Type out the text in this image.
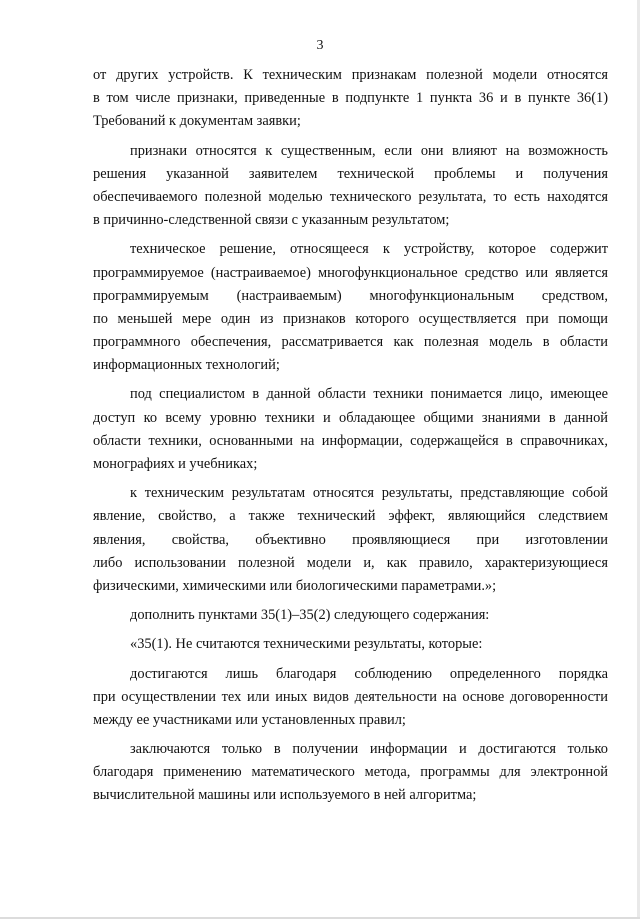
3
от других устройств. К техническим признакам полезной модели относятся
в том числе признаки, приведенные в подпункте 1 пункта 36 и в пункте 36(1)
Требований к документам заявки;
признаки относятся к существенным, если они влияют на возможность
решения указанной заявителем технической проблемы и получения
обеспечиваемого полезной моделью технического результата, то есть находятся
в причинно-следственной связи с указанным результатом;
техническое решение, относящееся к устройству, которое содержит
программируемое (настраиваемое) многофункциональное средство или является
программируемым (настраиваемым) многофункциональным средством,
по меньшей мере один из признаков которого осуществляется при помощи
программного обеспечения, рассматривается как полезная модель в области
информационных технологий;
под специалистом в данной области техники понимается лицо, имеющее
доступ ко всему уровню техники и обладающее общими знаниями в данной
области техники, основанными на информации, содержащейся в справочниках,
монографиях и учебниках;
к техническим результатам относятся результаты, представляющие собой
явление, свойство, а также технический эффект, являющийся следствием
явления, свойства, объективно проявляющиеся при изготовлении
либо использовании полезной модели и, как правило, характеризующиеся
физическими, химическими или биологическими параметрами.»;
дополнить пунктами 35(1)–35(2) следующего содержания:
«35(1). Не считаются техническими результаты, которые:
достигаются лишь благодаря соблюдению определенного порядка
при осуществлении тех или иных видов деятельности на основе договоренности
между ее участниками или установленных правил;
заключаются только в получении информации и достигаются только
благодаря применению математического метода, программы для электронной
вычислительной машины или используемого в ней алгоритма;
